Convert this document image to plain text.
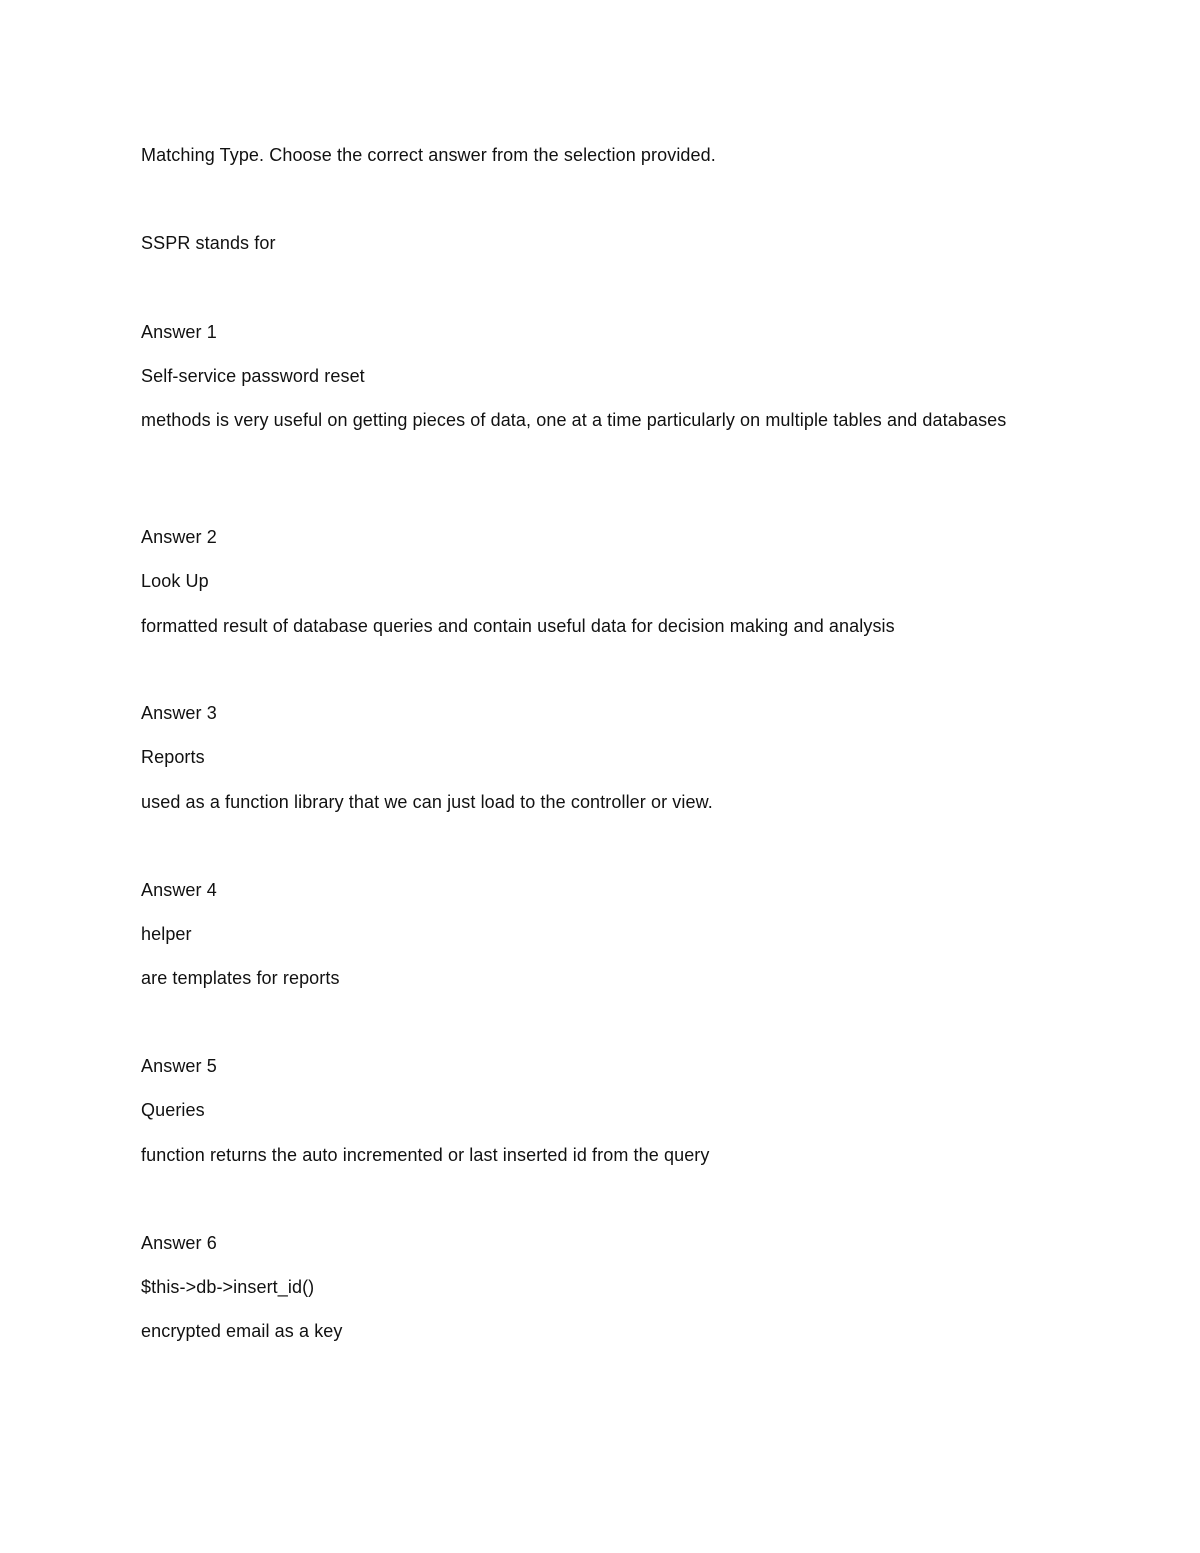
Matching Type. Choose the correct answer from the selection provided.
SSPR stands for
Answer 1
Self-service password reset
methods is very useful on getting pieces of data, one at a time particularly on multiple tables and databases
Answer 2
Look Up
formatted result of database queries and contain useful data for decision making and analysis
Answer 3
Reports
used as a function library that we can just load to the controller or view.
Answer 4
helper
are templates for reports
Answer 5
Queries
function returns the auto incremented or last inserted id from the query
Answer 6
$this->db->insert_id()
encrypted email as a key
